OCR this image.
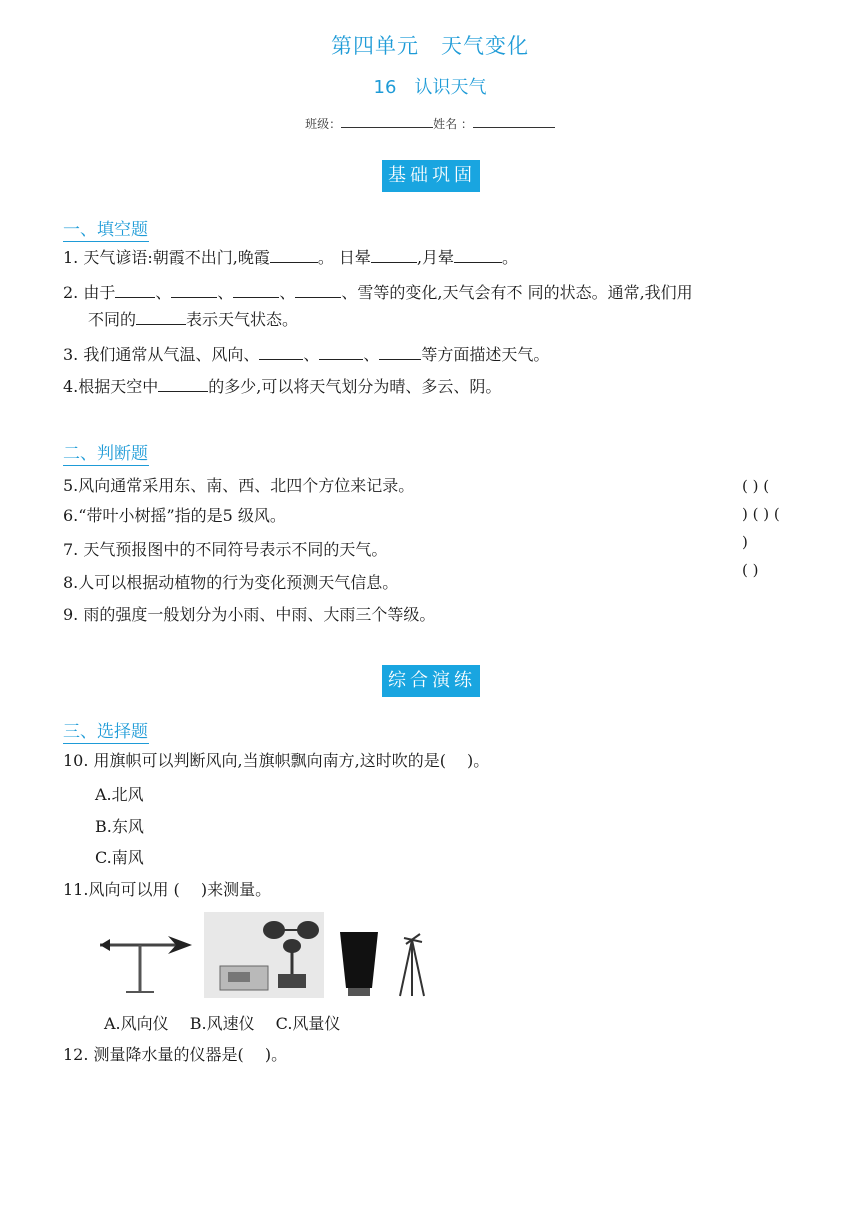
第四单元　天气变化
16　认识天气
班级：	姓名 ：
基础巩固
一、填空题
1. 天气谚语:朝霞不出门,晚霞	。 日晕	,月晕	。
2. 由于	、	、	、	、雪等的变化,天气会有不 同的状态。通常,我们用
不同的	表示天气状态。
3. 我们通常从气温、风向、	、	、	等方面描述天气。
4.根据天空中	的多少,可以将天气划分为晴、多云、阴。
二、判断题
5.风向通常采用东、南、西、北四个方位来记录。
6.“带叶小树摇”指的是5 级风。
7. 天气预报图中的不同符号表示不同的天气。
8.人可以根据动植物的行为变化预测天气信息。
9. 雨的强度一般划分为小雨、中雨、大雨三个等级。
( ) (
) ( ) (
)
( )
综合演练
三、选择题
10. 用旗帜可以判断风向,当旗帜飘向南方,这时吹的是(　 )。
A.北风
B.东风
C.南风
11.风向可以用 (　 )来测量。
A.风向仪　 B.风速仪　 C.风量仪
12. 测量降水量的仪器是(　 )。
